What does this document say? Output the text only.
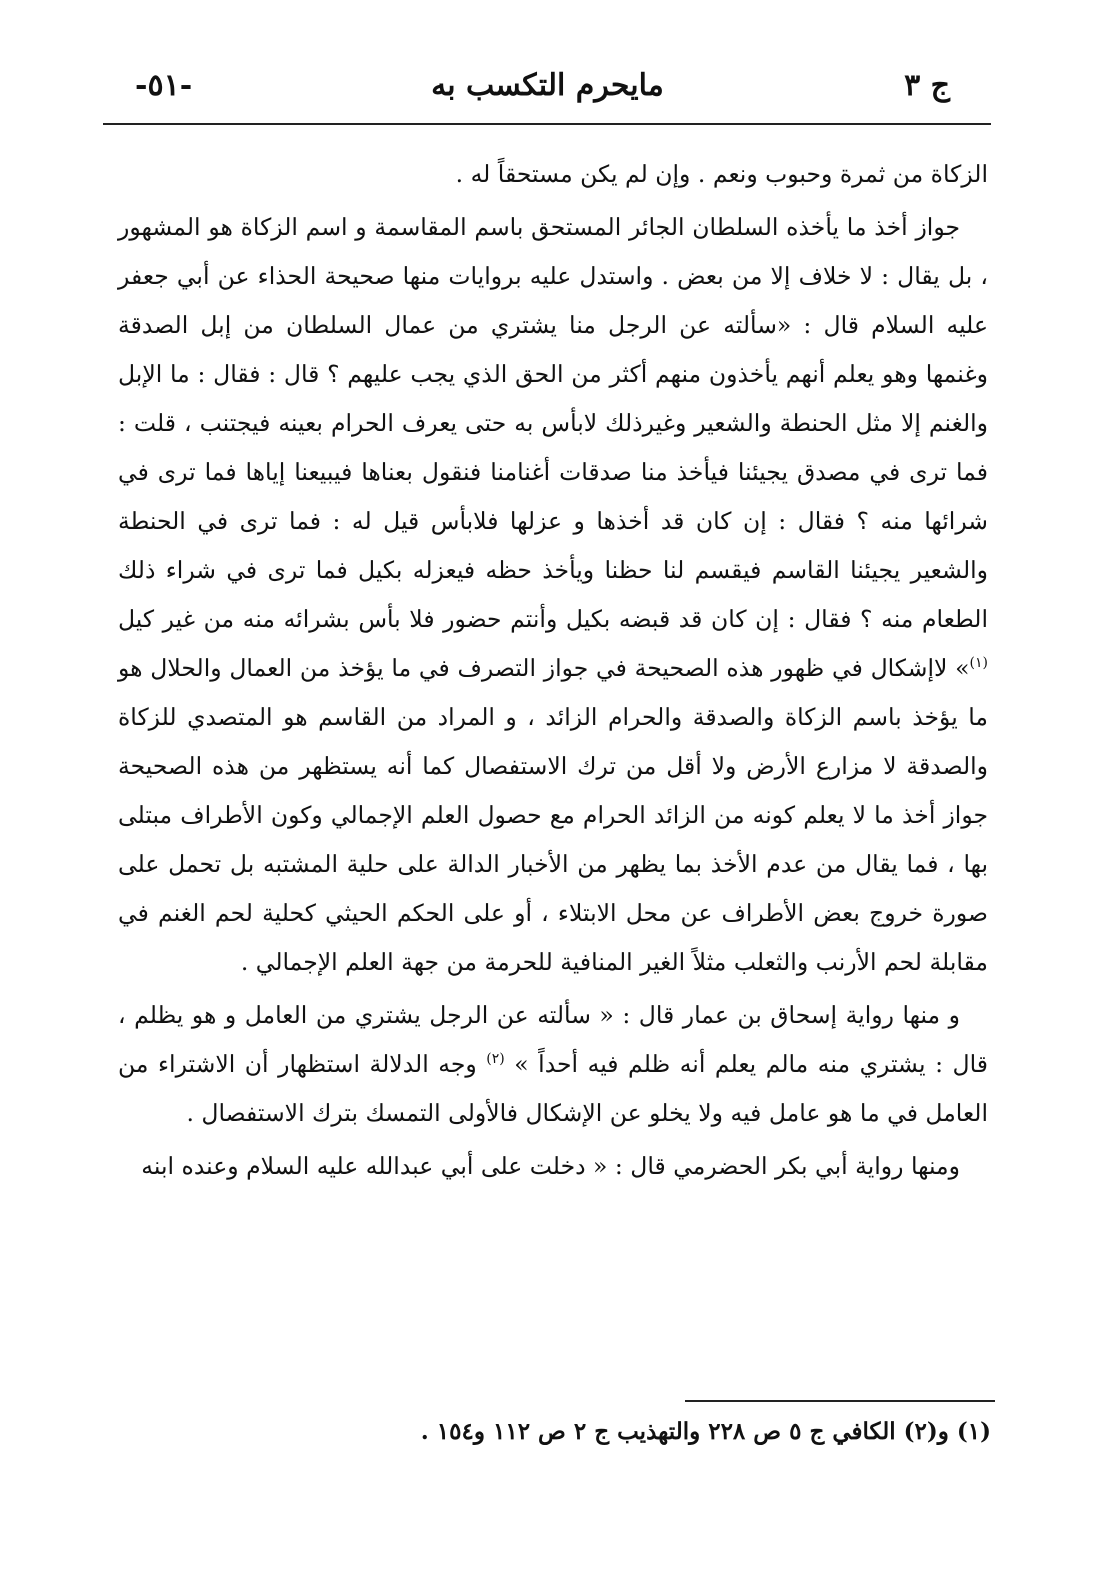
ج ٣
مايحرم التكسب به
-٥١-

الزكاة من ثمرة وحبوب ونعم . وإن لم يكن مستحقاً له .

جواز أخذ ما يأخذه السلطان الجائر المستحق باسم المقاسمة و اسم الزكاة هو المشهور ، بل يقال : لا خلاف إلا من بعض . واستدل عليه بروايات منها صحيحة الحذاء عن أبي جعفر عليه السلام قال : «سألته عن الرجل منا يشتري من عمال السلطان من إبل الصدقة وغنمها وهو يعلم أنهم يأخذون منهم أكثر من الحق الذي يجب عليهم ؟ قال : فقال : ما الإبل والغنم إلا مثل الحنطة والشعير وغيرذلك لابأس به حتى يعرف الحرام بعينه فيجتنب ، قلت : فما ترى في مصدق يجيئنا فيأخذ منا صدقات أغنامنا فنقول بعناها فيبيعنا إياها فما ترى في شرائها منه ؟ فقال : إن كان قد أخذها و عزلها فلابأس قيل له : فما ترى في الحنطة والشعير يجيئنا القاسم فيقسم لنا حظنا ويأخذ حظه فيعزله بكيل فما ترى في شراء ذلك الطعام منه ؟ فقال : إن كان قد قبضه بكيل وأنتم حضور فلا بأس بشرائه منه من غير كيل $^{(١)}$» لاإشكال في ظهور هذه الصحيحة في جواز التصرف في ما يؤخذ من العمال والحلال هو ما يؤخذ باسم الزكاة والصدقة والحرام الزائد ، و المراد من القاسم هو المتصدي للزكاة والصدقة لا مزارع الأرض ولا أقل من ترك الاستفصال كما أنه يستظهر من هذه الصحيحة جواز أخذ ما لا يعلم كونه من الزائد الحرام مع حصول العلم الإجمالي وكون الأطراف مبتلى بها ، فما يقال من عدم الأخذ بما يظهر من الأخبار الدالة على حلية المشتبه بل تحمل على صورة خروج بعض الأطراف عن محل الابتلاء ، أو على الحكم الحيثي كحلية لحم الغنم في مقابلة لحم الأرنب والثعلب مثلاً الغير المنافية للحرمة من جهة العلم الإجمالي .

و منها رواية إسحاق بن عمار قال : « سألته عن الرجل يشتري من العامل و هو يظلم ، قال : يشتري منه مالم يعلم أنه ظلم فيه أحداً » $^{(٢)}$ وجه الدلالة استظهار أن الاشتراء من العامل في ما هو عامل فيه ولا يخلو عن الإشكال فالأولى التمسك بترك الاستفصال .

ومنها رواية أبي بكر الحضرمي قال : « دخلت على أبي عبدالله عليه السلام وعنده ابنه

(١) و(٢) الكافي ج ٥ ص ٢٢٨ والتهذيب ج ٢ ص ١١٢ و١٥٤ .
